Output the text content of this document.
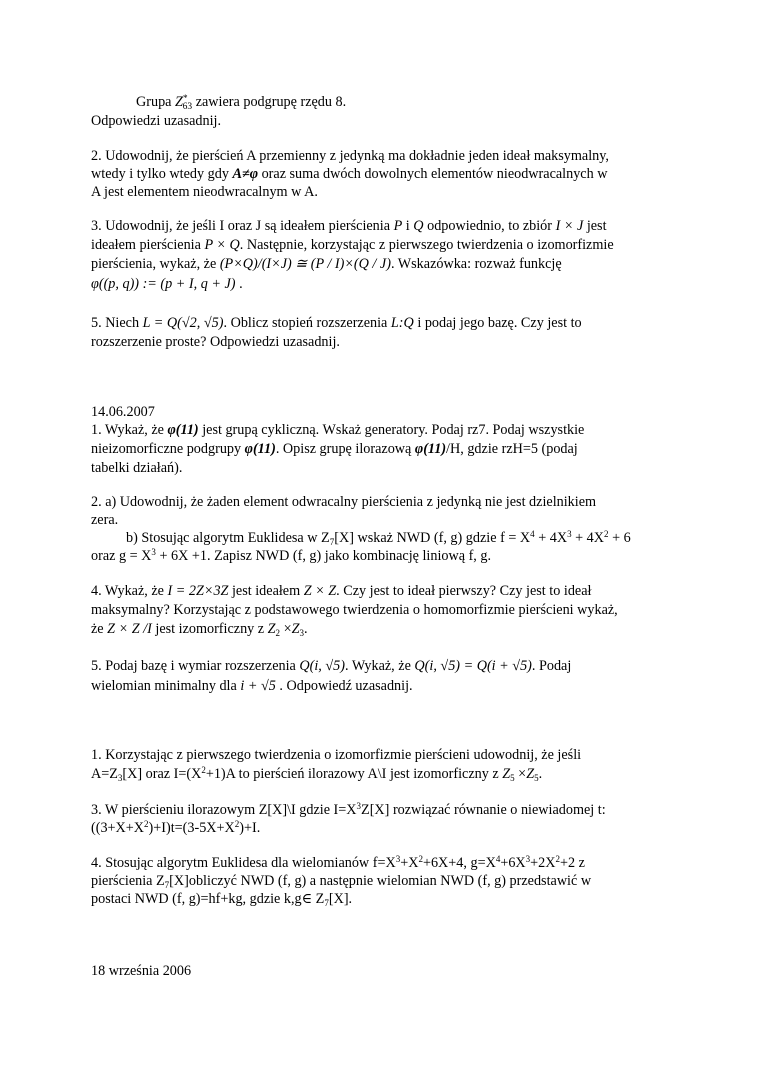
Grupa $Z^*_{63}$ zawiera podgrupę rzędu 8.
Odpowiedzi uzasadnij.
2. Udowodnij, że pierścień A przemienny z jedynką ma dokładnie jeden ideał maksymalny,
wtedy i tylko wtedy gdy A≠φ oraz suma dwóch dowolnych elementów nieodwracalnych w
A jest elementem nieodwracalnym w A.
3. Udowodnij, że jeśli I oraz J są ideałem pierścienia P i Q odpowiednio, to zbiór I × J jest
ideałem pierścienia P × Q. Następnie, korzystając z pierwszego twierdzenia o izomorfizmie
pierścienia, wykaż, że (P×Q)/(I×J) ≅ (P / I)×(Q / J). Wskazówka: rozważ funkcję
φ((p, q)) := (p + I, q + J) .
5. Niech L = Q(√2, √5). Oblicz stopień rozszerzenia L:Q i podaj jego bazę. Czy jest to
rozszerzenie proste? Odpowiedzi uzasadnij.
14.06.2007
1. Wykaż, że φ(11) jest grupą cykliczną. Wskaż generatory. Podaj rz7. Podaj wszystkie
nieizomorficzne podgrupy φ(11). Opisz grupę ilorazową φ(11)/H, gdzie rzH=5 (podaj
tabelki działań).
2. a) Udowodnij, że żaden element odwracalny pierścienia z jedynką nie jest dzielnikiem
zera.
b) Stosując algorytm Euklidesa w $Z_7[X]$ wskaż NWD (f, g) gdzie $f = X^4 + 4X^3 + 4X^2 + 6$
oraz $g = X^3 + 6X +1$. Zapisz NWD (f, g) jako kombinację liniową f, g.
4. Wykaż, że I = 2Z×3Z jest ideałem Z × Z. Czy jest to ideał pierwszy? Czy jest to ideał
maksymalny? Korzystając z podstawowego twierdzenia o homomorfizmie pierścieni wykaż,
że Z × Z /I jest izomorficzny z $Z_2 \times Z_3$.
5. Podaj bazę i wymiar rozszerzenia Q(i, √5). Wykaż, że Q(i, √5) = Q(i + √5). Podaj
wielomian minimalny dla i + √5 . Odpowiedź uzasadnij.
1. Korzystając z pierwszego twierdzenia o izomorfizmie pierścieni udowodnij, że jeśli
$A=Z_3[X]$ oraz $I=(X^2+1)A$ to pierścień ilorazowy A\I jest izomorficzny z $Z_5 \times Z_5$.
3. W pierścieniu ilorazowym Z[X]\I gdzie $I=X^3Z[X]$ rozwiązać równanie o niewiadomej t:
$((3+X+X^2)+I)t=(3-5X+X^2)+I$.
4. Stosując algorytm Euklidesa dla wielomianów $f=X^3+X^2+6X+4$, $g=X^4+6X^3+2X^2+2$ z
pierścienia $Z_7[X]obliczyć$ NWD (f, g) a następnie wielomian NWD (f, g) przedstawić w
postaci NWD (f, g)=hf+kg, gdzie k,g∈ $Z_7[X]$.
18 września 2006
